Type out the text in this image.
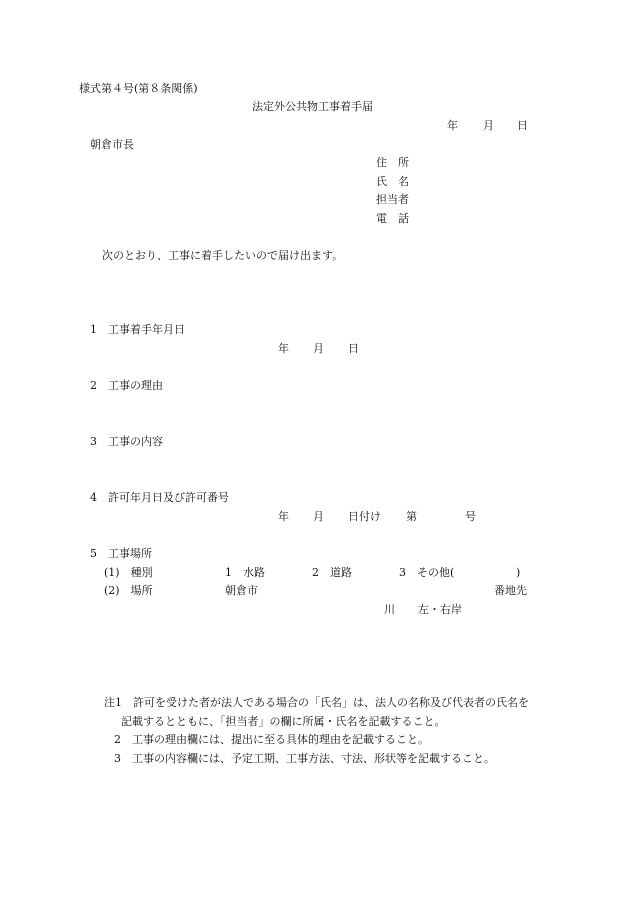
様式第４号(第８条関係)
法定外公共物工事着手届
年 月 日
朝倉市長
住　所
氏　名
担当者
電　話
次のとおり、工事に着手したいので届け出ます。
1　工事着手年月日
年 月 日
2　工事の理由
3　工事の内容
4　許可年月日及び許可番号
年 月 日付け 第	号
5　工事場所
(1)　種別	1　水路	2　道路	3　その他(	)
(2)　場所	朝倉市	番地先
川 左・右岸
注1　許可を受けた者が法人である場合の「氏名」は、法人の名称及び代表者の氏名を
記載するとともに、「担当者」の欄に所属・氏名を記載すること。
2　工事の理由欄には、提出に至る具体的理由を記載すること。
3　工事の内容欄には、予定工期、工事方法、寸法、形状等を記載すること。
